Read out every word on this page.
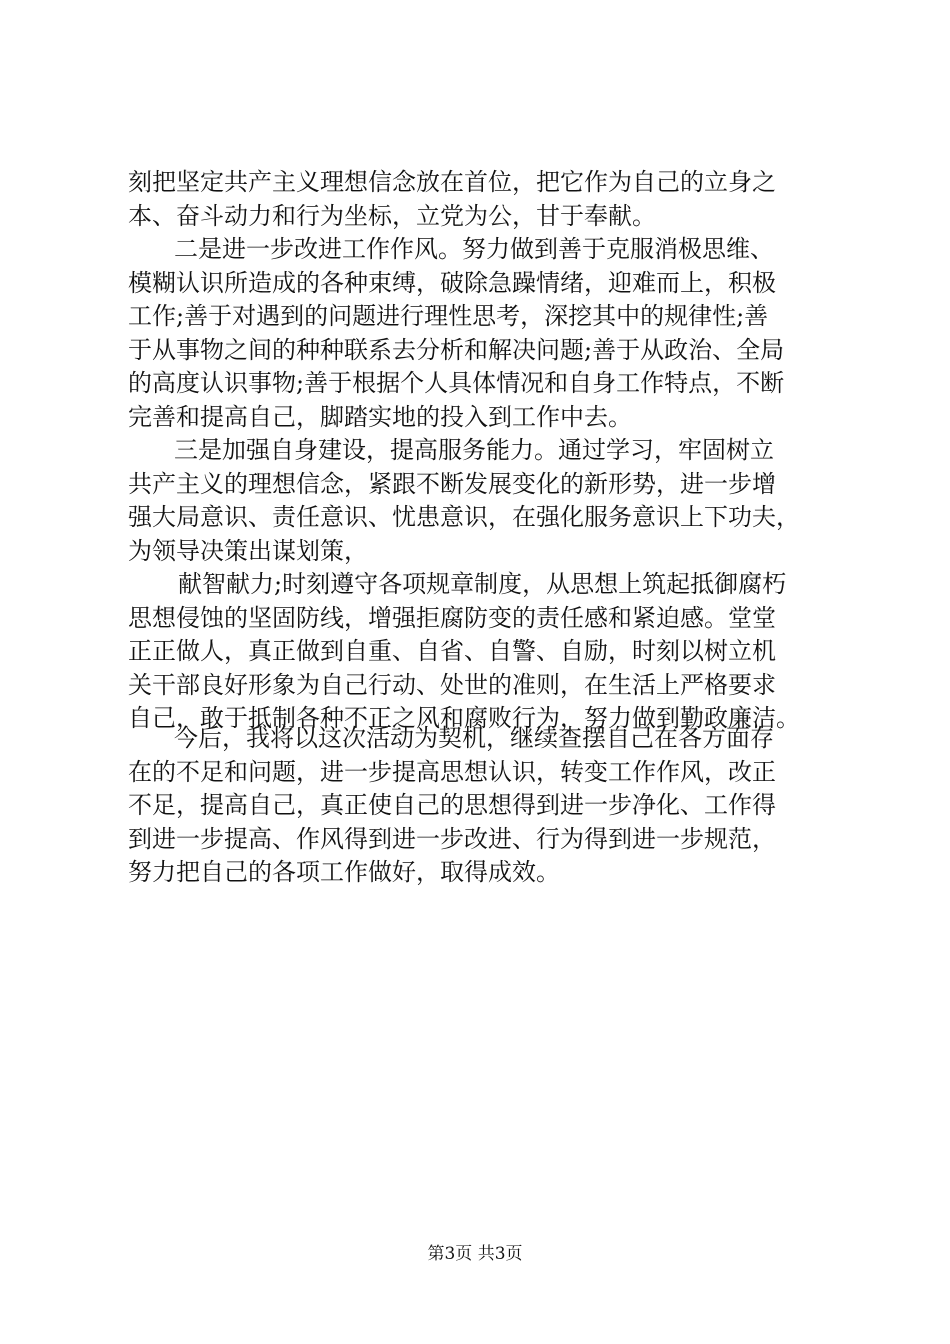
刻把坚定共产主义理想信念放在首位，把它作为自己的立身之
本、奋斗动力和行为坐标，立党为公，甘于奉献。
二是进一步改进工作作风。努力做到善于克服消极思维、
模糊认识所造成的各种束缚，破除急躁情绪，迎难而上，积极
工作;善于对遇到的问题进行理性思考，深挖其中的规律性;善
于从事物之间的种种联系去分析和解决问题;善于从政治、全局
的高度认识事物;善于根据个人具体情况和自身工作特点，不断
完善和提高自己，脚踏实地的投入到工作中去。
三是加强自身建设，提高服务能力。通过学习，牢固树立
共产主义的理想信念，紧跟不断发展变化的新形势，进一步增
强大局意识、责任意识、忧患意识，在强化服务意识上下功夫，
为领导决策出谋划策，
献智献力;时刻遵守各项规章制度，从思想上筑起抵御腐朽
思想侵蚀的坚固防线，增强拒腐防变的责任感和紧迫感。堂堂
正正做人，真正做到自重、自省、自警、自励，时刻以树立机
关干部良好形象为自己行动、处世的准则，在生活上严格要求
自己，敢于抵制各种不正之风和腐败行为，努力做到勤政廉洁。
今后，我将以这次活动为契机，继续查摆自己在各方面存
在的不足和问题，进一步提高思想认识，转变工作作风，改正
不足，提高自己，真正使自己的思想得到进一步净化、工作得
到进一步提高、作风得到进一步改进、行为得到进一步规范，
努力把自己的各项工作做好，取得成效。
第3页 共3页
